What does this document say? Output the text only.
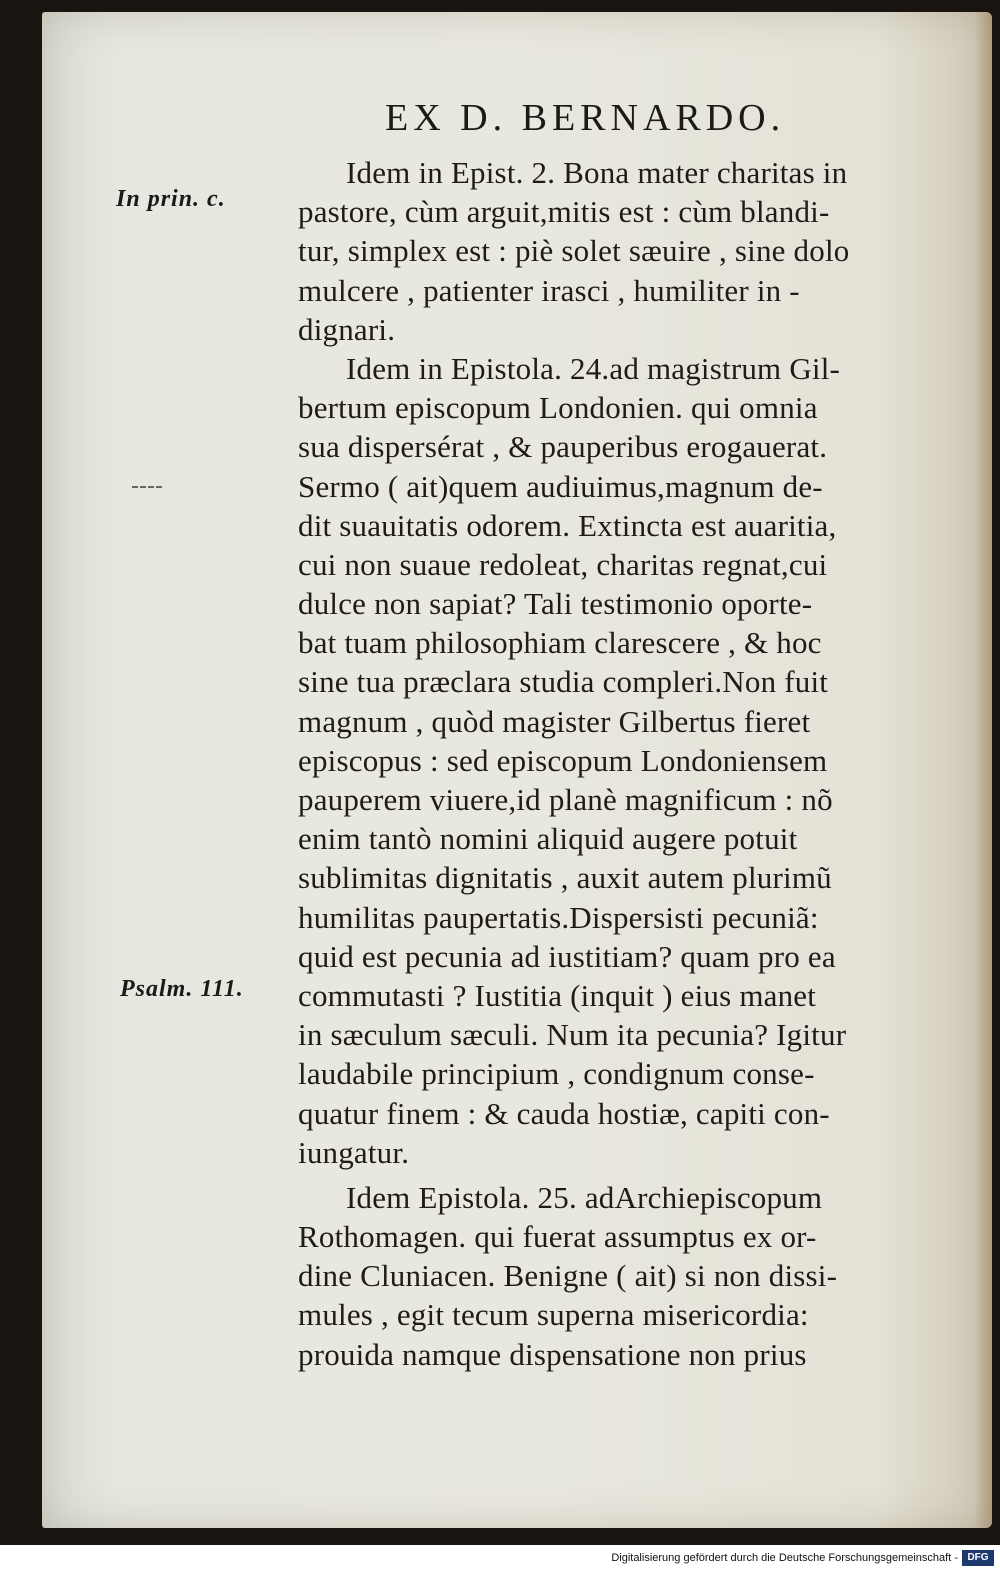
EX D. BERNARDO.
In prin. c.
Psalm. 111.
Idem in Epist. 2. Bona mater charitas in
pastore, cùm arguit,mitis est : cùm blandi-
tur, simplex est : piè solet sæuire , sine dolo
mulcere , patienter irasci , humiliter in -
dignari.
Idem in Epistola. 24.ad magistrum Gil-
bertum episcopum Londonien. qui omnia
sua dispersérat , & pauperibus erogauerat.
Sermo ( ait)quem audiuimus,magnum de-
dit suauitatis odorem. Extincta est auaritia,
cui non suaue redoleat, charitas regnat,cui
dulce non sapiat? Tali testimonio oporte-
bat tuam philosophiam clarescere , & hoc
sine tua præclara studia compleri.Non fuit
magnum , quòd magister Gilbertus fieret
episcopus : sed episcopum Londoniensem
pauperem viuere,id planè magnificum : nõ
enim tantò nomini aliquid augere potuit
sublimitas dignitatis , auxit autem plurimũ
humilitas paupertatis.Dispersisti pecuniã:
quid est pecunia ad iustitiam? quam pro ea
commutasti ? Iustitia (inquit ) eius manet
in sæculum sæculi. Num ita pecunia? Igitur
laudabile principium , condignum conse-
quatur finem : & cauda hostiæ, capiti con-
iungatur.
Idem Epistola. 25. adArchiepiscopum
Rothomagen. qui fuerat assumptus ex or-
dine Cluniacen. Benigne ( ait) si non dissi-
mules , egit tecum superna misericordia:
prouida namque dispensatione non prius
Digitalisierung gefördert durch die Deutsche Forschungsgemeinschaft - DFG
